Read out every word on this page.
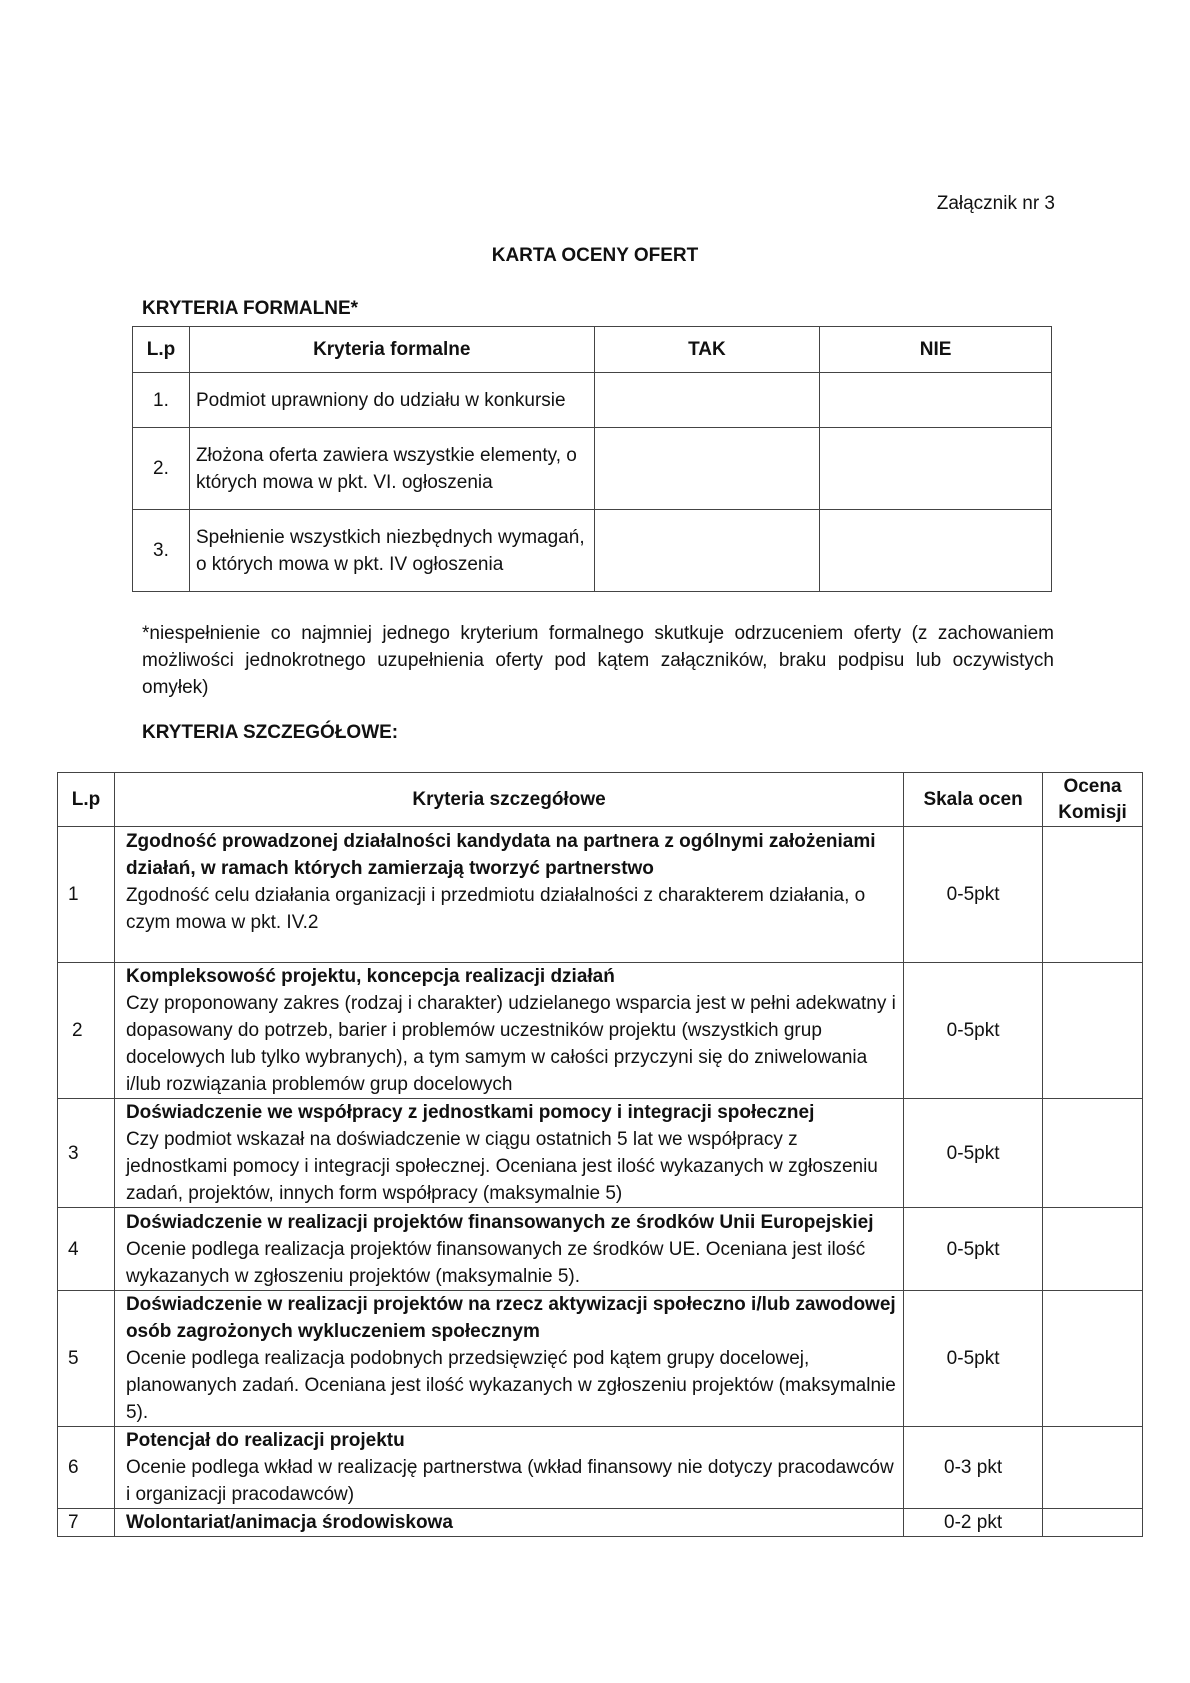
Załącznik nr 3
KARTA OCENY OFERT
KRYTERIA FORMALNE*
L.p	Kryteria formalne	TAK	NIE
1.	Podmiot uprawniony do udziału w konkursie		
2.	Złożona oferta zawiera wszystkie elementy, o których mowa w pkt. VI. ogłoszenia		
3.	Spełnienie wszystkich niezbędnych wymagań, o których mowa w pkt. IV ogłoszenia		
*niespełnienie co najmniej jednego kryterium formalnego skutkuje odrzuceniem oferty (z zachowaniem możliwości jednokrotnego uzupełnienia oferty pod kątem załączników, braku podpisu lub oczywistych omyłek)
KRYTERIA SZCZEGÓŁOWE:
L.p	Kryteria szczegółowe	Skala ocen	Ocena Komisji
1	Zgodność prowadzonej działalności kandydata na partnera z ogólnymi założeniami działań, w ramach których zamierzają tworzyć partnerstwo
Zgodność celu działania organizacji i przedmiotu działalności z charakterem działania, o czym mowa w pkt. IV.2	0-5pkt	
2	Kompleksowość projektu, koncepcja realizacji działań
Czy proponowany zakres (rodzaj i charakter) udzielanego wsparcia jest w pełni adekwatny i dopasowany do potrzeb, barier i problemów uczestników projektu (wszystkich grup docelowych lub tylko wybranych), a tym samym w całości przyczyni się do zniwelowania i/lub rozwiązania problemów grup docelowych	0-5pkt	
3	Doświadczenie we współpracy z jednostkami pomocy i integracji społecznej
Czy podmiot wskazał na doświadczenie w ciągu ostatnich 5 lat we współpracy z jednostkami pomocy i integracji społecznej. Oceniana jest ilość wykazanych w zgłoszeniu zadań, projektów, innych form współpracy (maksymalnie 5)	0-5pkt	
4	Doświadczenie w realizacji projektów finansowanych ze środków Unii Europejskiej
Ocenie podlega realizacja projektów finansowanych ze środków UE. Oceniana jest ilość wykazanych w zgłoszeniu projektów (maksymalnie 5).	0-5pkt	
5	Doświadczenie w realizacji projektów na rzecz aktywizacji społeczno i/lub zawodowej osób zagrożonych wykluczeniem społecznym
Ocenie podlega realizacja podobnych przedsięwzięć pod kątem grupy docelowej, planowanych zadań. Oceniana jest ilość wykazanych w zgłoszeniu projektów (maksymalnie 5).	0-5pkt	
6	Potencjał do realizacji projektu
Ocenie podlega wkład w realizację partnerstwa (wkład finansowy nie dotyczy pracodawców i organizacji pracodawców)	0-3 pkt	
7	Wolontariat/animacja środowiskowa	0-2 pkt	
